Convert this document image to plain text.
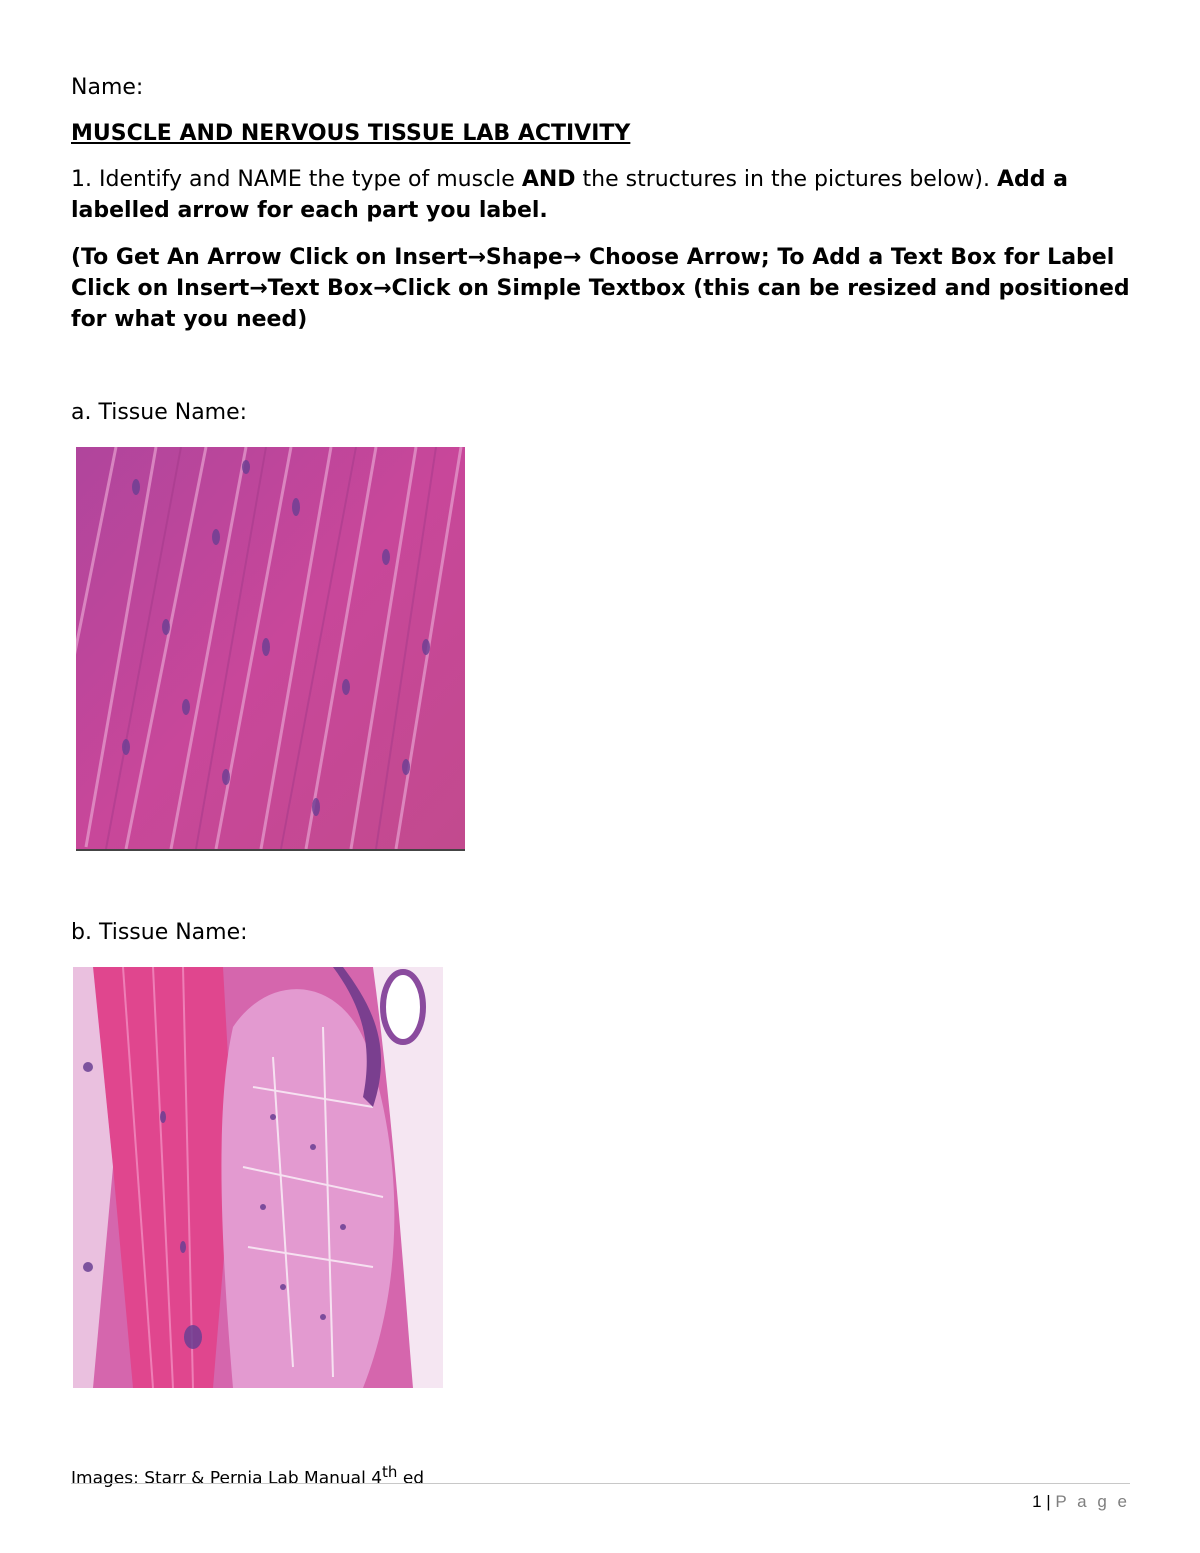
Name:

MUSCLE AND NERVOUS TISSUE LAB ACTIVITY

1. Identify and NAME the type of muscle AND the structures in the pictures below). Add a labelled arrow for each part you label.

(To Get An Arrow Click on Insert→Shape→ Choose Arrow; To Add a Text Box for Label Click on Insert→Text Box→Click on Simple Textbox (this can be resized and positioned for what you need)

a. Tissue Name:

b. Tissue Name:

Images: Starr & Pernia Lab Manual 4th ed
1 | P a g e
